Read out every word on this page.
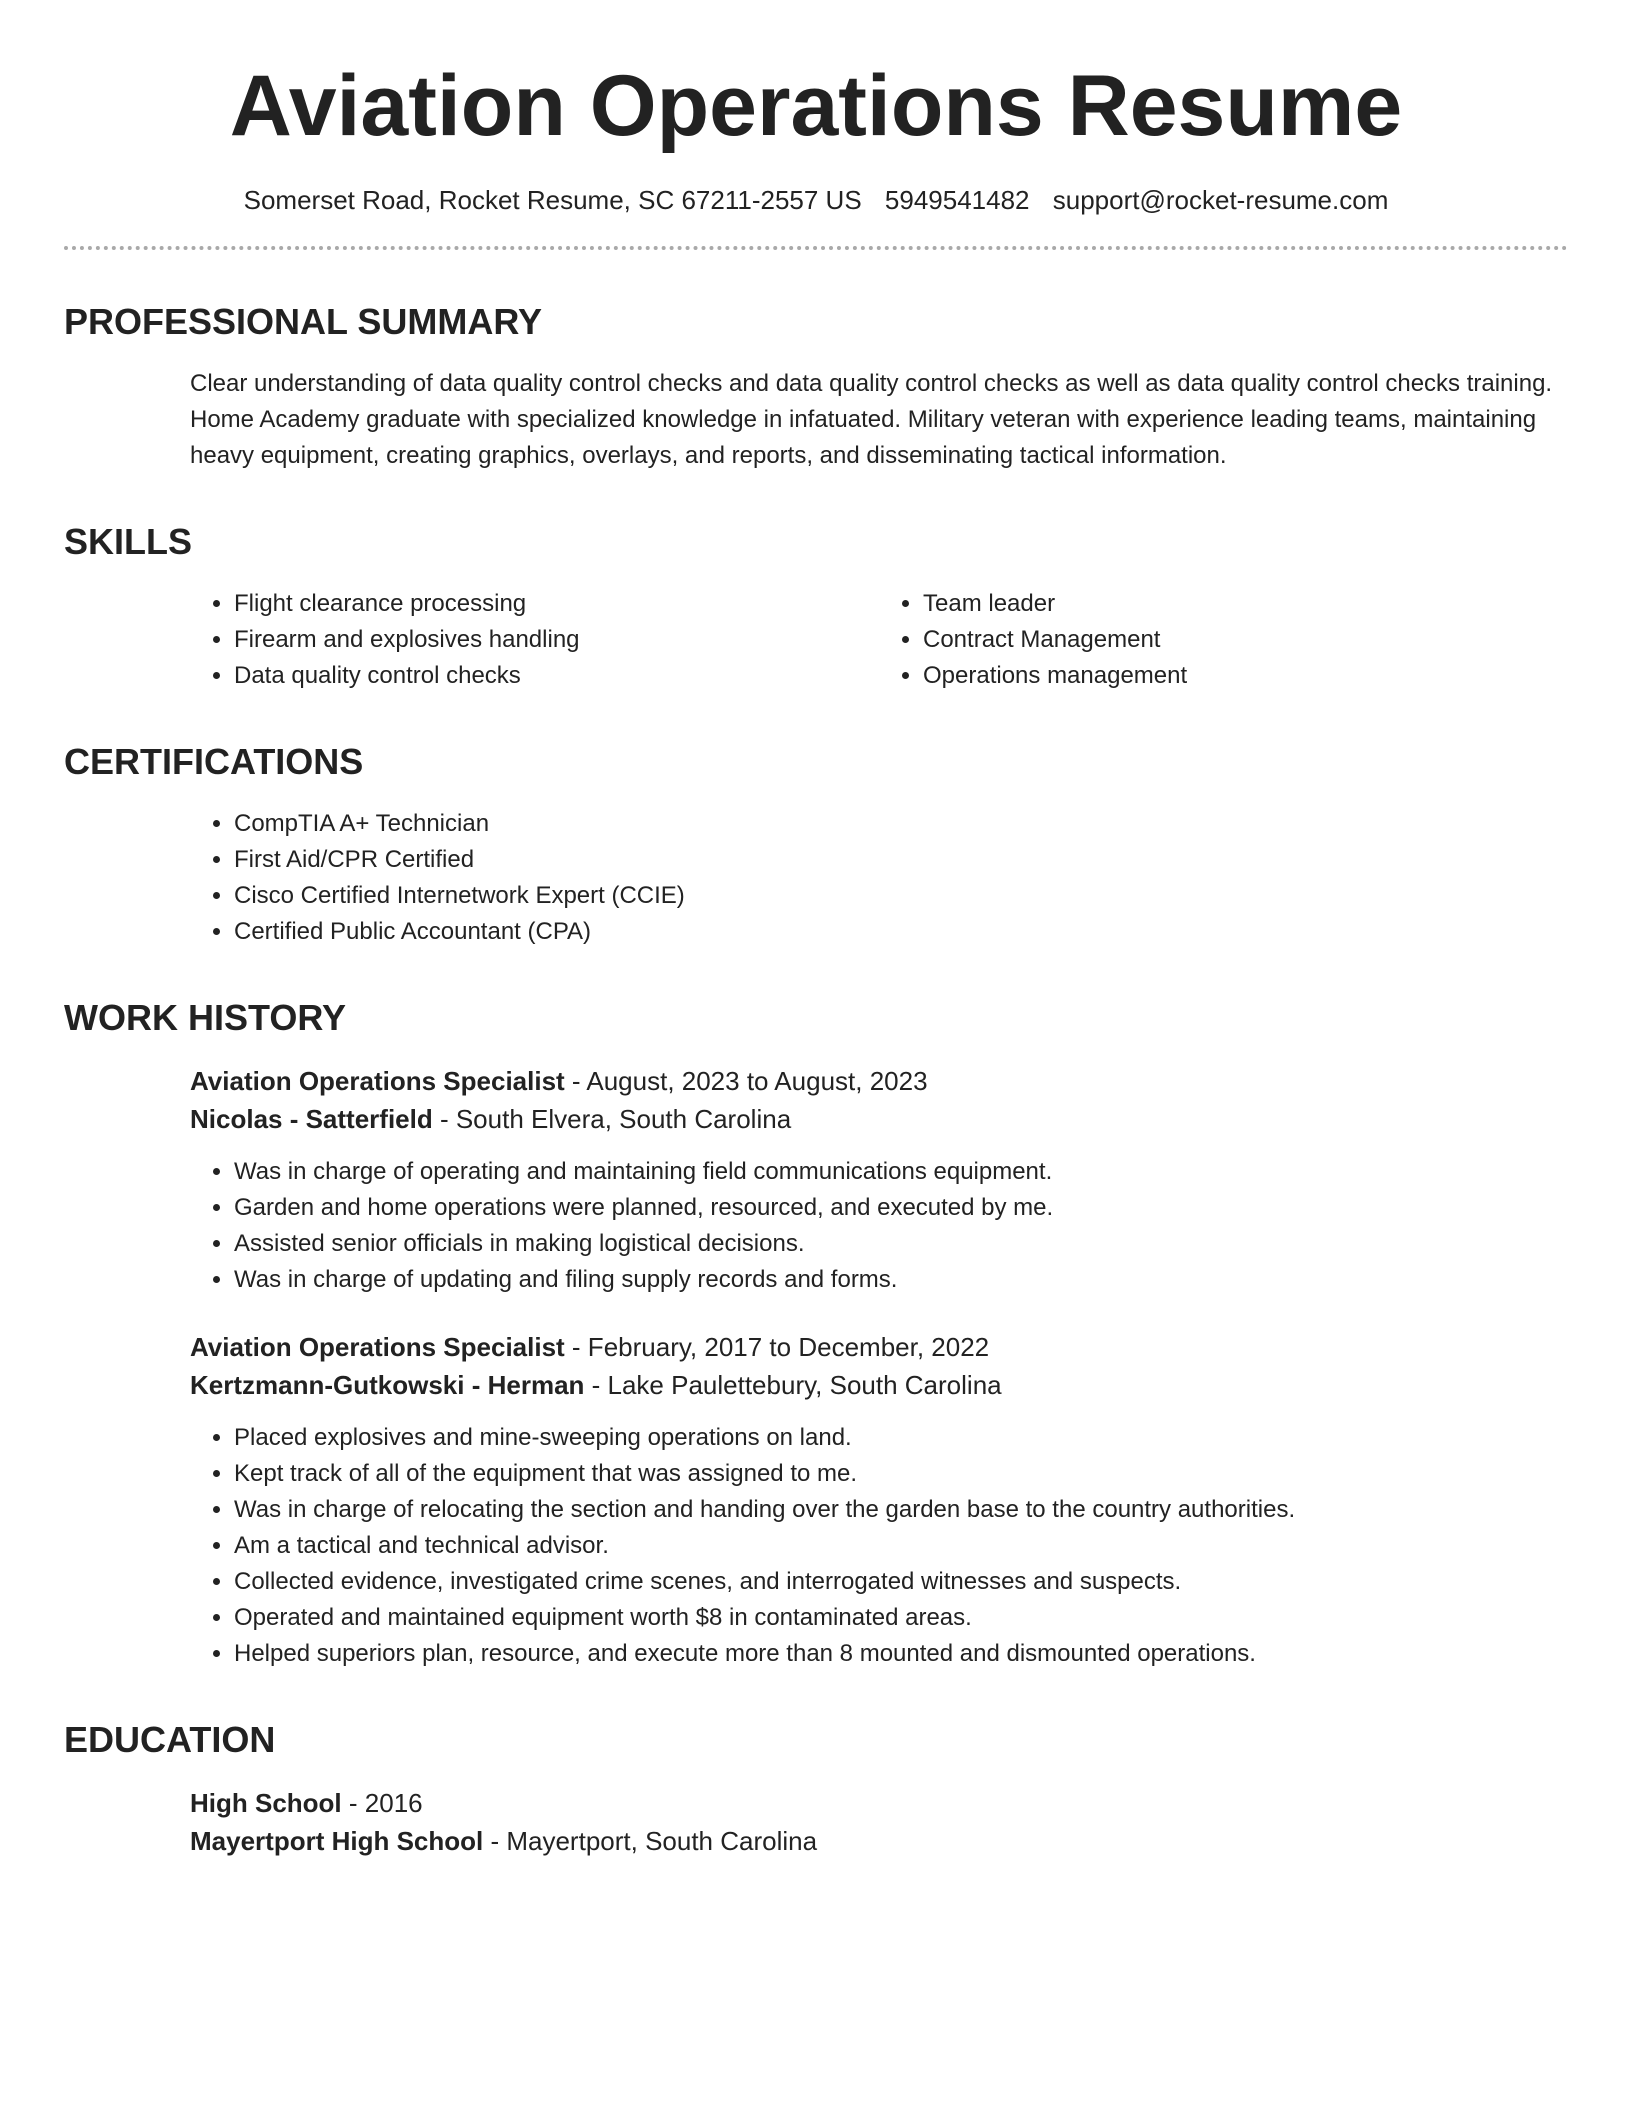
Aviation Operations Resume
Somerset Road, Rocket Resume, SC 67211-2557 US 5949541482 support@rocket-resume.com
PROFESSIONAL SUMMARY

Clear understanding of data quality control checks and data quality control checks as well as data quality control checks training. Home Academy graduate with specialized knowledge in infatuated. Military veteran with experience leading teams, maintaining heavy equipment, creating graphics, overlays, and reports, and disseminating tactical information.

SKILLS
• Flight clearance processing
• Firearm and explosives handling
• Data quality control checks
• Team leader
• Contract Management
• Operations management
CERTIFICATIONS
• CompTIA A+ Technician
• First Aid/CPR Certified
• Cisco Certified Internetwork Expert (CCIE)
• Certified Public Accountant (CPA)
WORK HISTORY
Aviation Operations Specialist - August, 2023 to August, 2023
Nicolas - Satterfield - South Elvera, South Carolina
• Was in charge of operating and maintaining field communications equipment.
• Garden and home operations were planned, resourced, and executed by me.
• Assisted senior officials in making logistical decisions.
• Was in charge of updating and filing supply records and forms.
Aviation Operations Specialist - February, 2017 to December, 2022
Kertzmann-Gutkowski - Herman - Lake Paulettebury, South Carolina
• Placed explosives and mine-sweeping operations on land.
• Kept track of all of the equipment that was assigned to me.
• Was in charge of relocating the section and handing over the garden base to the country authorities.
• Am a tactical and technical advisor.
• Collected evidence, investigated crime scenes, and interrogated witnesses and suspects.
• Operated and maintained equipment worth $8 in contaminated areas.
• Helped superiors plan, resource, and execute more than 8 mounted and dismounted operations.
EDUCATION
High School - 2016
Mayertport High School - Mayertport, South Carolina
